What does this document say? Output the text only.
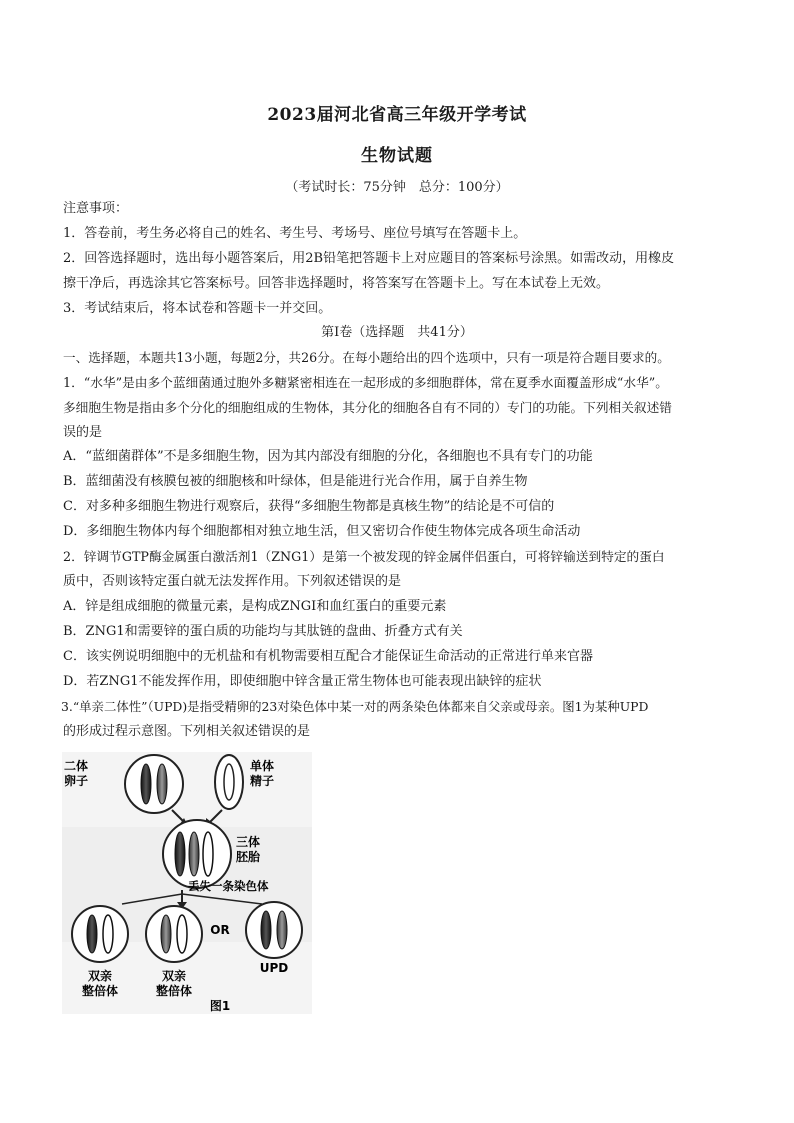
2023届河北省高三年级开学考试
生物试题
（考试时长：75分钟　总分：100分）
注意事项：
1．答卷前，考生务必将自己的姓名、考生号、考场号、座位号填写在答题卡上。
2．回答选择题时，选出每小题答案后，用2B铅笔把答题卡上对应题目的答案标号涂黑。如需改动，用橡皮
擦干净后，再选涂其它答案标号。回答非选择题时，将答案写在答题卡上。写在本试卷上无效。
3．考试结束后，将本试卷和答题卡一并交回。
第Ⅰ卷（选择题　共41分）
一、选择题，本题共13小题，每题2分，共26分。在每小题给出的四个选项中，只有一项是符合题目要求的。
1．“水华”是由多个蓝细菌通过胞外多糖紧密相连在一起形成的多细胞群体，常在夏季水面覆盖形成“水华”。
多细胞生物是指由多个分化的细胞组成的生物体，其分化的细胞各自有不同的）专门的功能。下列相关叙述错
误的是
A．“蓝细菌群体”不是多细胞生物，因为其内部没有细胞的分化，各细胞也不具有专门的功能
B．蓝细菌没有核膜包被的细胞核和叶绿体，但是能进行光合作用，属于自养生物
C．对多种多细胞生物进行观察后，获得“多细胞生物都是真核生物”的结论是不可信的
D．多细胞生物体内每个细胞都相对独立地生活，但又密切合作使生物体完成各项生命活动
2．锌调节GTP酶金属蛋白激活剂1（ZNG1）是第一个被发现的锌金属伴侣蛋白，可将锌输送到特定的蛋白
质中，否则该特定蛋白就无法发挥作用。下列叙述错误的是
A．锌是组成细胞的微量元素，是构成ZNGI和血红蛋白的重要元素
B．ZNG1和需要锌的蛋白质的功能均与其肽链的盘曲、折叠方式有关
C．该实例说明细胞中的无机盐和有机物需要相互配合才能保证生命活动的正常进行单来官器
D．若ZNG1不能发挥作用，即使细胞中锌含量正常生物体也可能表现出缺锌的症状
3.“单亲二体性”（UPD)是指受精卵的23对染色体中某一对的两条染色体都来自父亲或母亲。图1为某种UPD
的形成过程示意图。下列相关叙述错误的是
二体
卵子
单体
精子
三体
胚胎
丢失一条染色体
双亲
整倍体
双亲
整倍体
OR
UPD
图1
